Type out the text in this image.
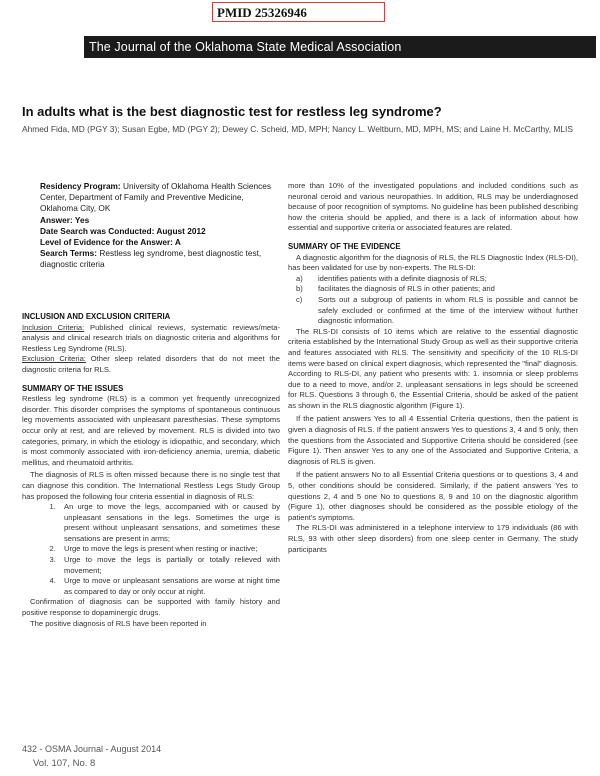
PMID 25326946
The Journal of the Oklahoma State Medical Association
In adults what is the best diagnostic test for restless leg syndrome?
Ahmed Fida, MD (PGY 3); Susan Egbe, MD (PGY 2); Dewey C. Scheid, MD, MPH; Nancy L. Weltburn, MD, MPH, MS; and Laine H. McCarthy, MLIS
Residency Program: University of Oklahoma Health Sciences Center, Department of Family and Preventive Medicine, Oklahoma City, OK
Answer: Yes
Date Search was Conducted: August 2012
Level of Evidence for the Answer: A
Search Terms: Restless leg syndrome, best diagnostic test, diagnostic criteria

INCLUSION AND EXCLUSION CRITERIA

Inclusion Criteria: Published clinical reviews, systematic reviews/meta-analysis and clinical research trials on diagnostic criteria and algorithms for Restless Leg Syndrome (RLS).

Exclusion Criteria: Other sleep related disorders that do not meet the diagnostic criteria for RLS.

SUMMARY OF THE ISSUES

Restless leg syndrome (RLS) is a common yet frequently unrecognized disorder. This disorder comprises the symptoms of spontaneous continuous leg movements associated with unpleasant paresthesias. These symptoms occur only at rest, and are relieved by movement. RLS is divided into two categories, primary, in which the etiology is idiopathic, and secondary, which is most commonly associated with iron-deficiency anemia, uremia, diabetic mellitus, and rheumatoid arthritis.

The diagnosis of RLS is often missed because there is no single test that can diagnose this condition. The International Restless Legs Study Group has proposed the following four criteria essential in diagnosis of RLS:

1. An urge to move the legs, accompanied with or caused by unpleasant sensations in the legs. Sometimes the urge is present without unpleasant sensations, and sometimes these sensations are present in arms;
2. Urge to move the legs is present when resting or inactive;
3. Urge to move the legs is partially or totally relieved with movement;
4. Urge to move or unpleasant sensations are worse at night time as compared to day or only occur at night.

Confirmation of diagnosis can be supported with family history and positive response to dopaminergic drugs.

The positive diagnosis of RLS have been reported in

more than 10% of the investigated populations and included conditions such as neuronal ceroid and various neuropathies. In addition, RLS may be underdiagnosed because of poor recognition of symptoms. No guideline has been published describing how the criteria should be applied, and there is a lack of information about how essential and supportive criteria or associated features are related.

SUMMARY OF THE EVIDENCE

A diagnostic algorithm for the diagnosis of RLS, the RLS Diagnostic Index (RLS-DI), has been validated for use by non-experts. The RLS-DI:

a) identifies patients with a definite diagnosis of RLS;
b) facilitates the diagnosis of RLS in other patients; and
c) Sorts out a subgroup of patients in whom RLS is possible and cannot be safely excluded or confirmed at the time of the interview without further diagnostic information.

The RLS-DI consists of 10 items which are relative to the essential diagnostic criteria established by the International Study Group as well as their supportive criteria and features associated with RLS. The sensitivity and specificity of the 10 RLS-DI items were based on clinical expert diagnosis, which represented the "final" diagnosis. According to RLS-DI, any patient who presents with: 1. insomnia or sleep problems due to a need to move, and/or 2. unpleasant sensations in legs should be screened for RLS. Questions 3 through 6, the Essential Criteria, should be asked of the patient as shown in the RLS diagnostic algorithm (Figure 1).

If the patient answers Yes to all 4 Essential Criteria questions, then the patient is given a diagnosis of RLS. If the patient answers Yes to questions 3, 4 and 5 only, then the questions from the Associated and Supportive Criteria should be considered (see Figure 1). Then answer Yes to any one of the Associated and Supportive Criteria, a diagnosis of RLS is given.

If the patient answers No to all Essential Criteria questions or to questions 3, 4 and 5, other conditions should be considered. Similarly, if the patient answers Yes to questions 2, 4 and 5 one No to questions 8, 9 and 10 on the diagnostic algorithm (Figure 1), other diagnoses should be considered as the possible etiology of the patient's symptoms.

The RLS-DI was administered in a telephone interview to 179 individuals (86 with RLS, 93 with other sleep disorders) from one sleep center in Germany. The study participants

432 - OSMA Journal - August 2014
Vol. 107, No. 8
